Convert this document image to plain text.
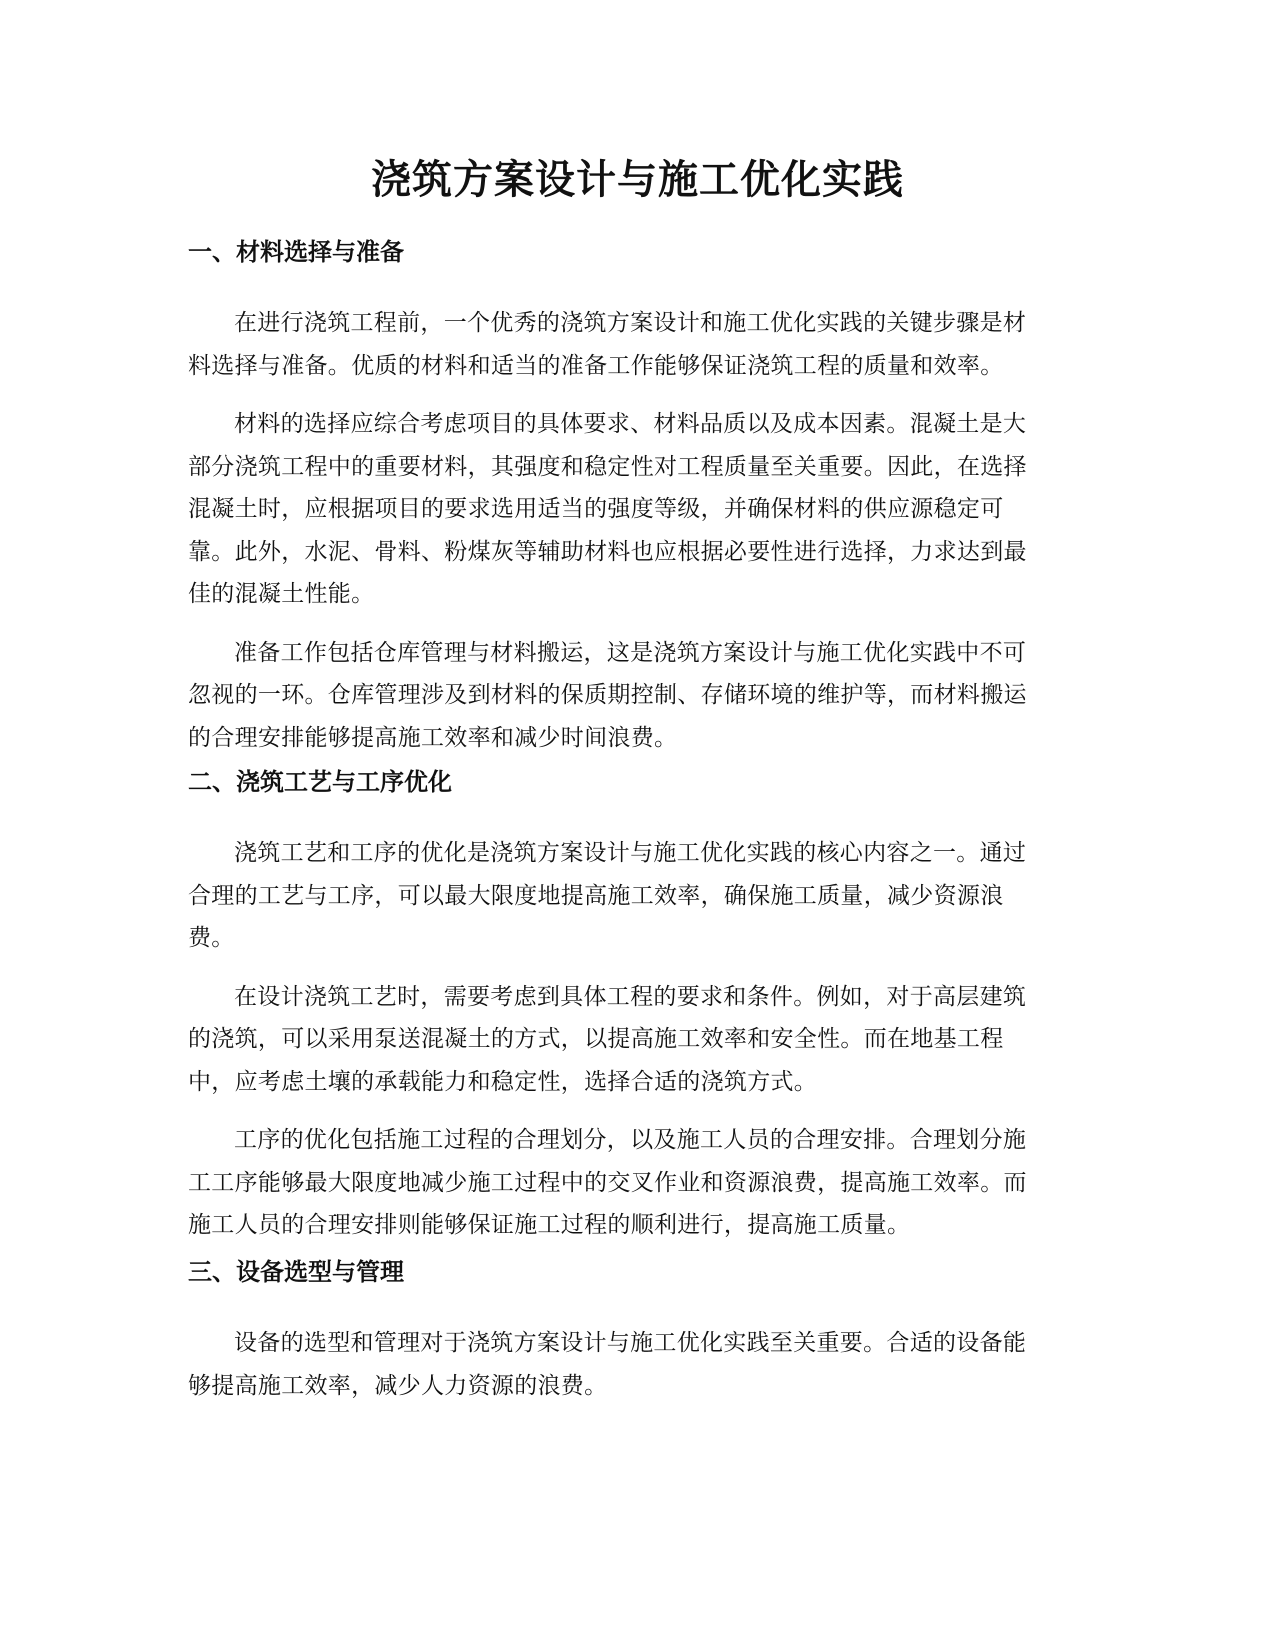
浇筑方案设计与施工优化实践
一、材料选择与准备

在进行浇筑工程前，一个优秀的浇筑方案设计和施工优化实践的关键步骤是材
料选择与准备。优质的材料和适当的准备工作能够保证浇筑工程的质量和效率。

材料的选择应综合考虑项目的具体要求、材料品质以及成本因素。混凝土是大
部分浇筑工程中的重要材料，其强度和稳定性对工程质量至关重要。因此，在选择
混凝土时，应根据项目的要求选用适当的强度等级，并确保材料的供应源稳定可
靠。此外，水泥、骨料、粉煤灰等辅助材料也应根据必要性进行选择，力求达到最
佳的混凝土性能。

准备工作包括仓库管理与材料搬运，这是浇筑方案设计与施工优化实践中不可
忽视的一环。仓库管理涉及到材料的保质期控制、存储环境的维护等，而材料搬运
的合理安排能够提高施工效率和减少时间浪费。

二、浇筑工艺与工序优化

浇筑工艺和工序的优化是浇筑方案设计与施工优化实践的核心内容之一。通过
合理的工艺与工序，可以最大限度地提高施工效率，确保施工质量，减少资源浪
费。

在设计浇筑工艺时，需要考虑到具体工程的要求和条件。例如，对于高层建筑
的浇筑，可以采用泵送混凝土的方式，以提高施工效率和安全性。而在地基工程
中，应考虑土壤的承载能力和稳定性，选择合适的浇筑方式。

工序的优化包括施工过程的合理划分，以及施工人员的合理安排。合理划分施
工工序能够最大限度地减少施工过程中的交叉作业和资源浪费，提高施工效率。而
施工人员的合理安排则能够保证施工过程的顺利进行，提高施工质量。

三、设备选型与管理

设备的选型和管理对于浇筑方案设计与施工优化实践至关重要。合适的设备能
够提高施工效率，减少人力资源的浪费。
